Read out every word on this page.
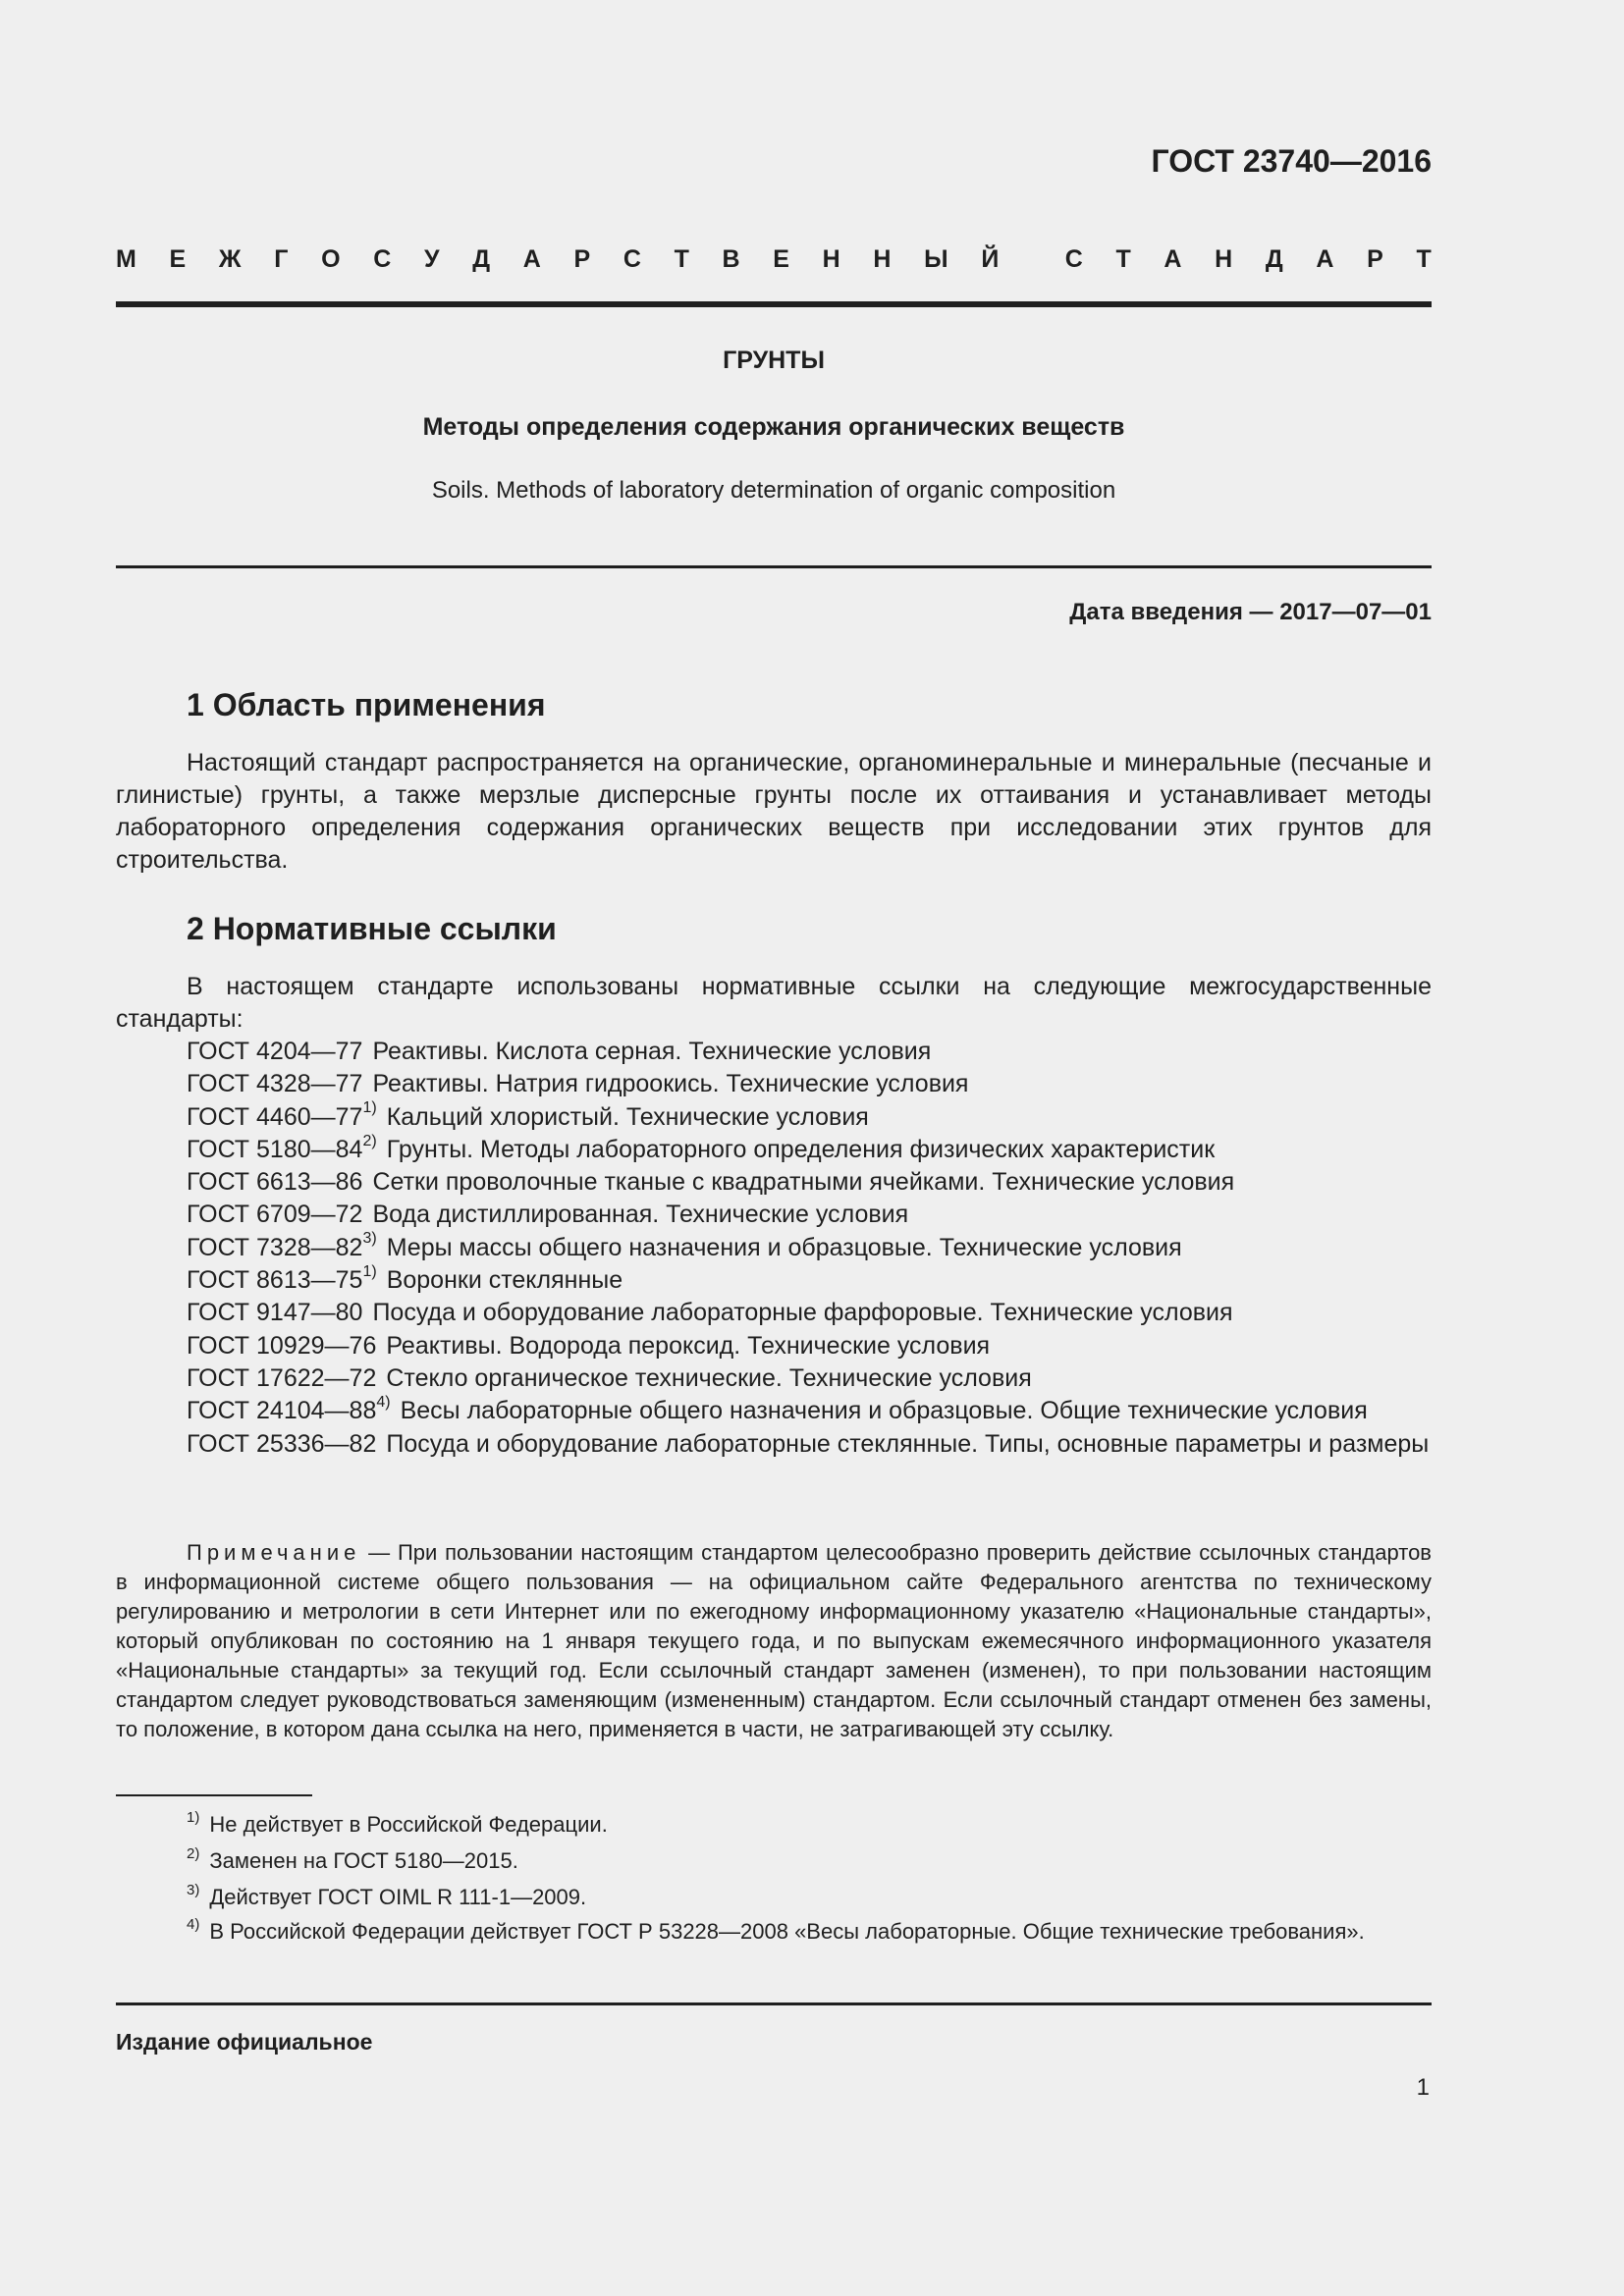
ГОСТ 23740—2016
М Е Ж Г О С У Д А Р С Т В Е Н Н Ы Й	С Т А Н Д А Р Т
ГРУНТЫ
Методы определения содержания органических веществ
Soils. Methods of laboratory determination of organic composition
Дата введения — 2017—07—01
1 Область применения
Настоящий стандарт распространяется на органические, органоминеральные и минеральные (песчаные и глинистые) грунты, а также мерзлые дисперсные грунты после их оттаивания и устанавливает методы лабораторного определения содержания органических веществ при исследовании этих грунтов для строительства.
2 Нормативные ссылки
В настоящем стандарте использованы нормативные ссылки на следующие межгосударственные стандарты:
ГОСТ 4204—77 Реактивы. Кислота серная. Технические условия
ГОСТ 4328—77 Реактивы. Натрия гидроокись. Технические условия
ГОСТ 4460—77$^{1)}$ Кальций хлористый. Технические условия
ГОСТ 5180—84$^{2)}$ Грунты. Методы лабораторного определения физических характеристик
ГОСТ 6613—86 Сетки проволочные тканые с квадратными ячейками. Технические условия
ГОСТ 6709—72 Вода дистиллированная. Технические условия
ГОСТ 7328—82$^{3)}$ Меры массы общего назначения и образцовые. Технические условия
ГОСТ 8613—75$^{1)}$ Воронки стеклянные
ГОСТ 9147—80 Посуда и оборудование лабораторные фарфоровые. Технические условия
ГОСТ 10929—76 Реактивы. Водорода пероксид. Технические условия
ГОСТ 17622—72 Стекло органическое технические. Технические условия
ГОСТ 24104—88$^{4)}$ Весы лабораторные общего назначения и образцовые. Общие технические условия
ГОСТ 25336—82 Посуда и оборудование лабораторные стеклянные. Типы, основные параметры и размеры
Примечание — При пользовании настоящим стандартом целесообразно проверить действие ссылочных стандартов в информационной системе общего пользования — на официальном сайте Федерального агентства по техническому регулированию и метрологии в сети Интернет или по ежегодному информационному указателю «Национальные стандарты», который опубликован по состоянию на 1 января текущего года, и по выпускам ежемесячного информационного указателя «Национальные стандарты» за текущий год. Если ссылочный стандарт заменен (изменен), то при пользовании настоящим стандартом следует руководствоваться заменяющим (измененным) стандартом. Если ссылочный стандарт отменен без замены, то положение, в котором дана ссылка на него, применяется в части, не затрагивающей эту ссылку.
$^{1)}$ Не действует в Российской Федерации.
$^{2)}$ Заменен на ГОСТ 5180—2015.
$^{3)}$ Действует ГОСТ OIML R 111-1—2009.
$^{4)}$ В Российской Федерации действует ГОСТ Р 53228—2008 «Весы лабораторные. Общие технические требования».
Издание официальное
1
